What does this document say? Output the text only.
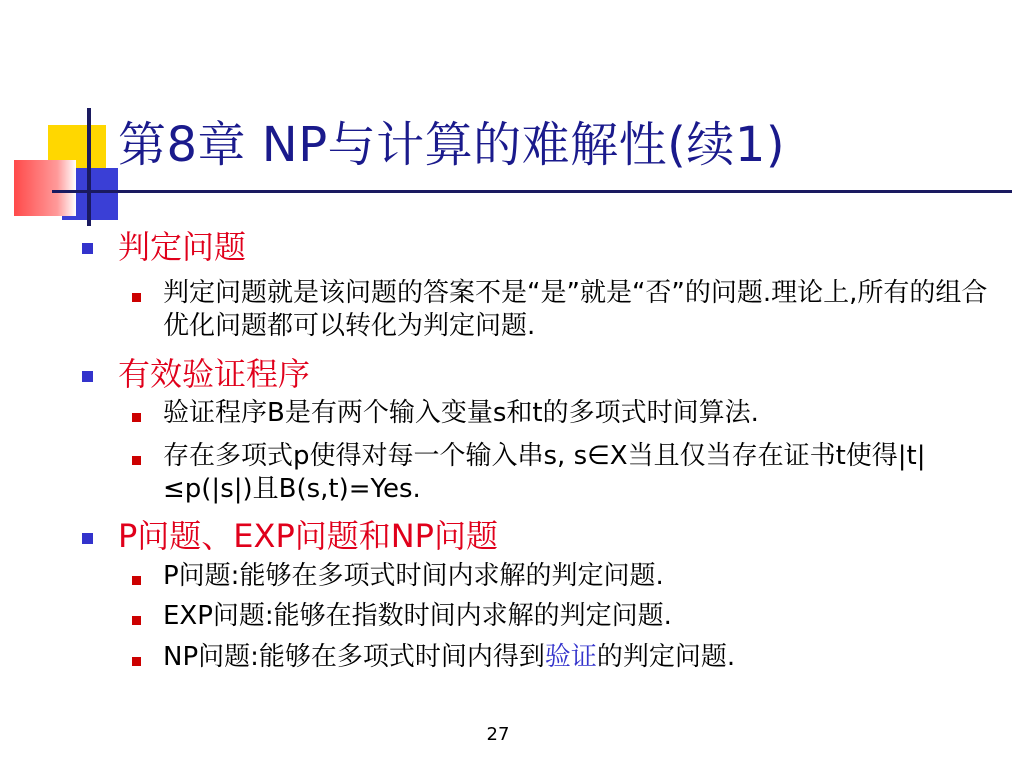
第8章 NP与计算的难解性(续1)
判定问题
判定问题就是该问题的答案不是“是”就是“否”的问题.理论上,所有的组合优化问题都可以转化为判定问题.
有效验证程序
验证程序B是有两个输入变量s和t的多项式时间算法.
存在多项式p使得对每一个输入串s, s∈X当且仅当存在证书t使得|t|≤p(|s|)且B(s,t)=Yes.
P问题、EXP问题和NP问题
P问题:能够在多项式时间内求解的判定问题.
EXP问题:能够在指数时间内求解的判定问题.
NP问题:能够在多项式时间内得到验证的判定问题.
27
